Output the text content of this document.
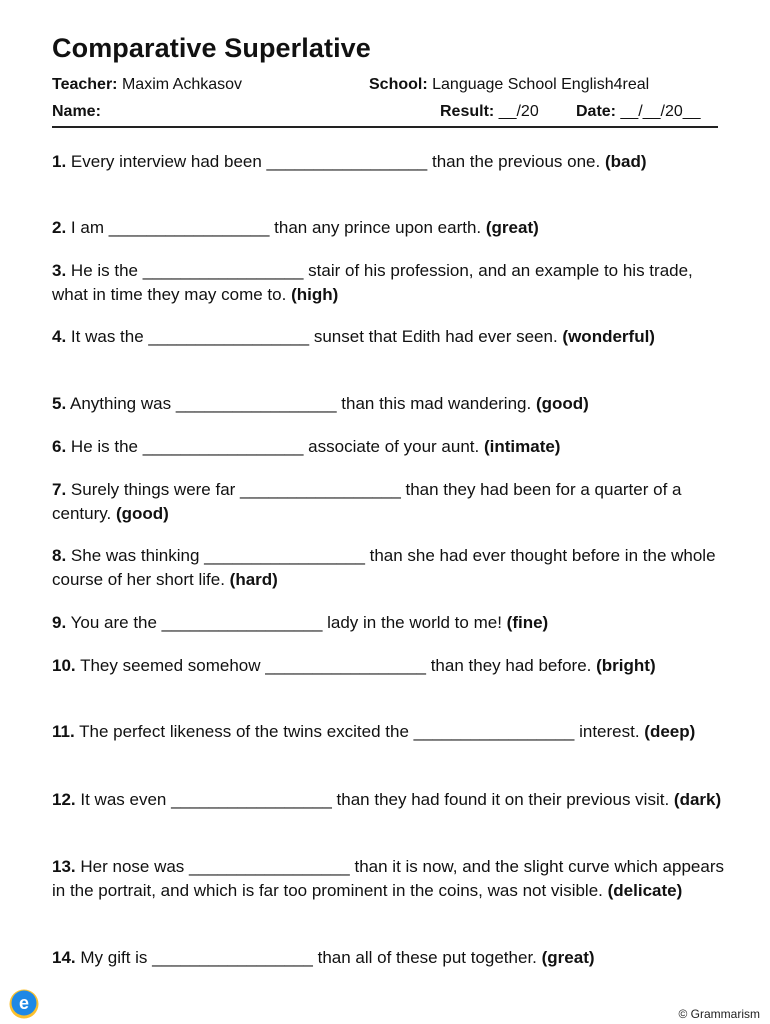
Comparative Superlative
Teacher: Maxim Achkasov	School: Language School English4real
Name:	Result: __/20 Date: __/__/20__
1. Every interview had been _________________ than the previous one. (bad)
2. I am _________________ than any prince upon earth. (great)
3. He is the _________________ stair of his profession, and an example to his trade, what in time they may come to. (high)
4. It was the _________________ sunset that Edith had ever seen. (wonderful)
5. Anything was _________________ than this mad wandering. (good)
6. He is the _________________ associate of your aunt. (intimate)
7. Surely things were far _________________ than they had been for a quarter of a century. (good)
8. She was thinking _________________ than she had ever thought before in the whole course of her short life. (hard)
9. You are the _________________ lady in the world to me! (fine)
10. They seemed somehow _________________ than they had before. (bright)
11. The perfect likeness of the twins excited the _________________ interest. (deep)
12. It was even _________________ than they had found it on their previous visit. (dark)
13. Her nose was _________________ than it is now, and the slight curve which appears in the portrait, and which is far too prominent in the coins, was not visible. (delicate)
14. My gift is _________________ than all of these put together. (great)
e
© Grammarism
